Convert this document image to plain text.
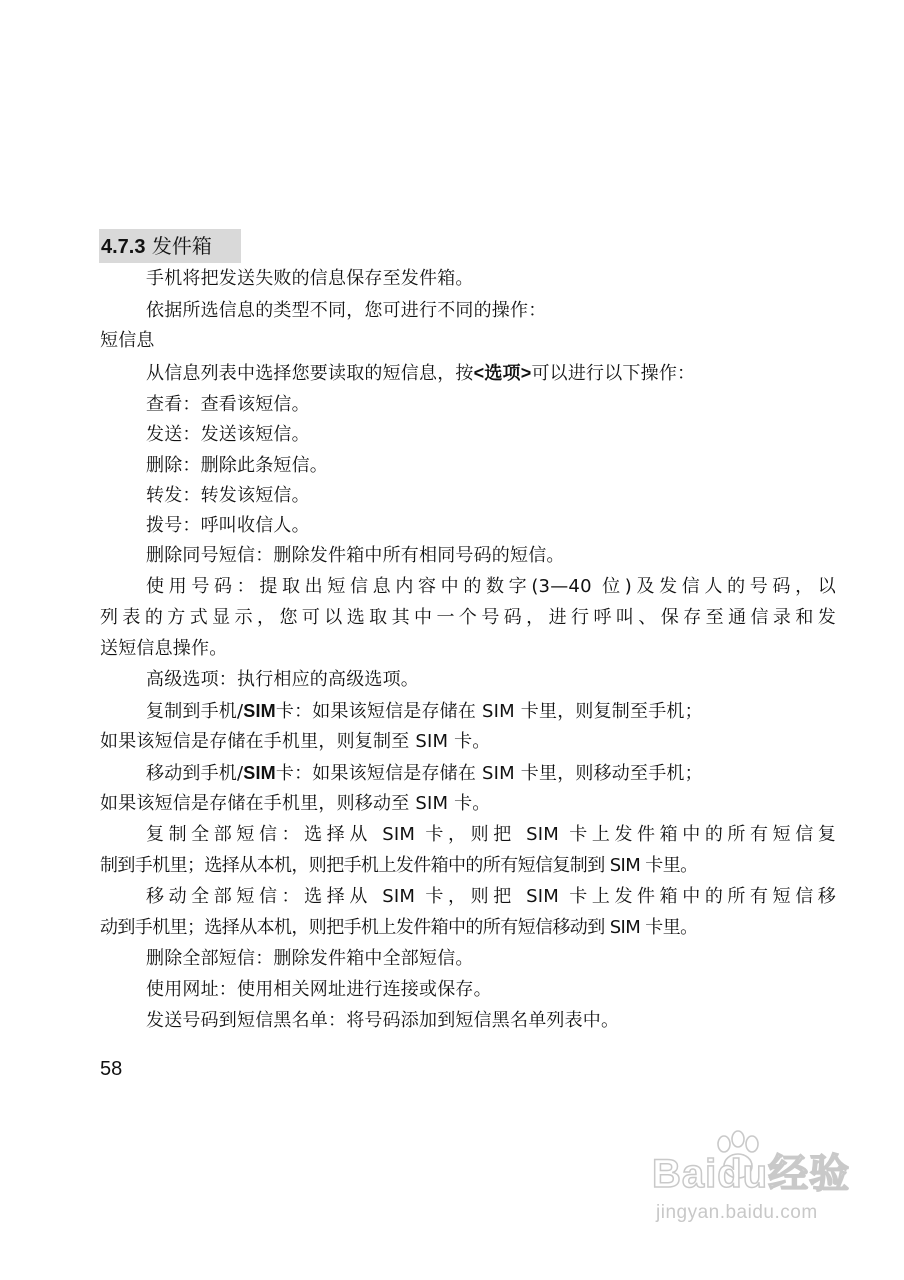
4.7.3 发件箱
手机将把发送失败的信息保存至发件箱。
依据所选信息的类型不同，您可进行不同的操作：
短信息
从信息列表中选择您要读取的短信息，按<选项>可以进行以下操作：
查看：查看该短信。
发送：发送该短信。
删除：删除此条短信。
转发：转发该短信。
拨号：呼叫收信人。
删除同号短信：删除发件箱中所有相同号码的短信。
使用号码：提取出短信息内容中的数字(3—40 位)及发信人的号码，以
列表的方式显示，您可以选取其中一个号码，进行呼叫、保存至通信录和发
送短信息操作。
高级选项：执行相应的高级选项。
复制到手机/SIM卡：如果该短信是存储在 SIM 卡里，则复制至手机；
如果该短信是存储在手机里，则复制至 SIM 卡。
移动到手机/SIM卡：如果该短信是存储在 SIM 卡里，则移动至手机；
如果该短信是存储在手机里，则移动至 SIM 卡。
复制全部短信：选择从 SIM 卡，则把 SIM 卡上发件箱中的所有短信复
制到手机里；选择从本机，则把手机上发件箱中的所有短信复制到 SIM 卡里。
移动全部短信：选择从 SIM 卡，则把 SIM 卡上发件箱中的所有短信移
动到手机里；选择从本机，则把手机上发件箱中的所有短信移动到 SIM 卡里。
删除全部短信：删除发件箱中全部短信。
使用网址：使用相关网址进行连接或保存。
发送号码到短信黑名单：将号码添加到短信黑名单列表中。
58
Baidu经验
jingyan.baidu.com
